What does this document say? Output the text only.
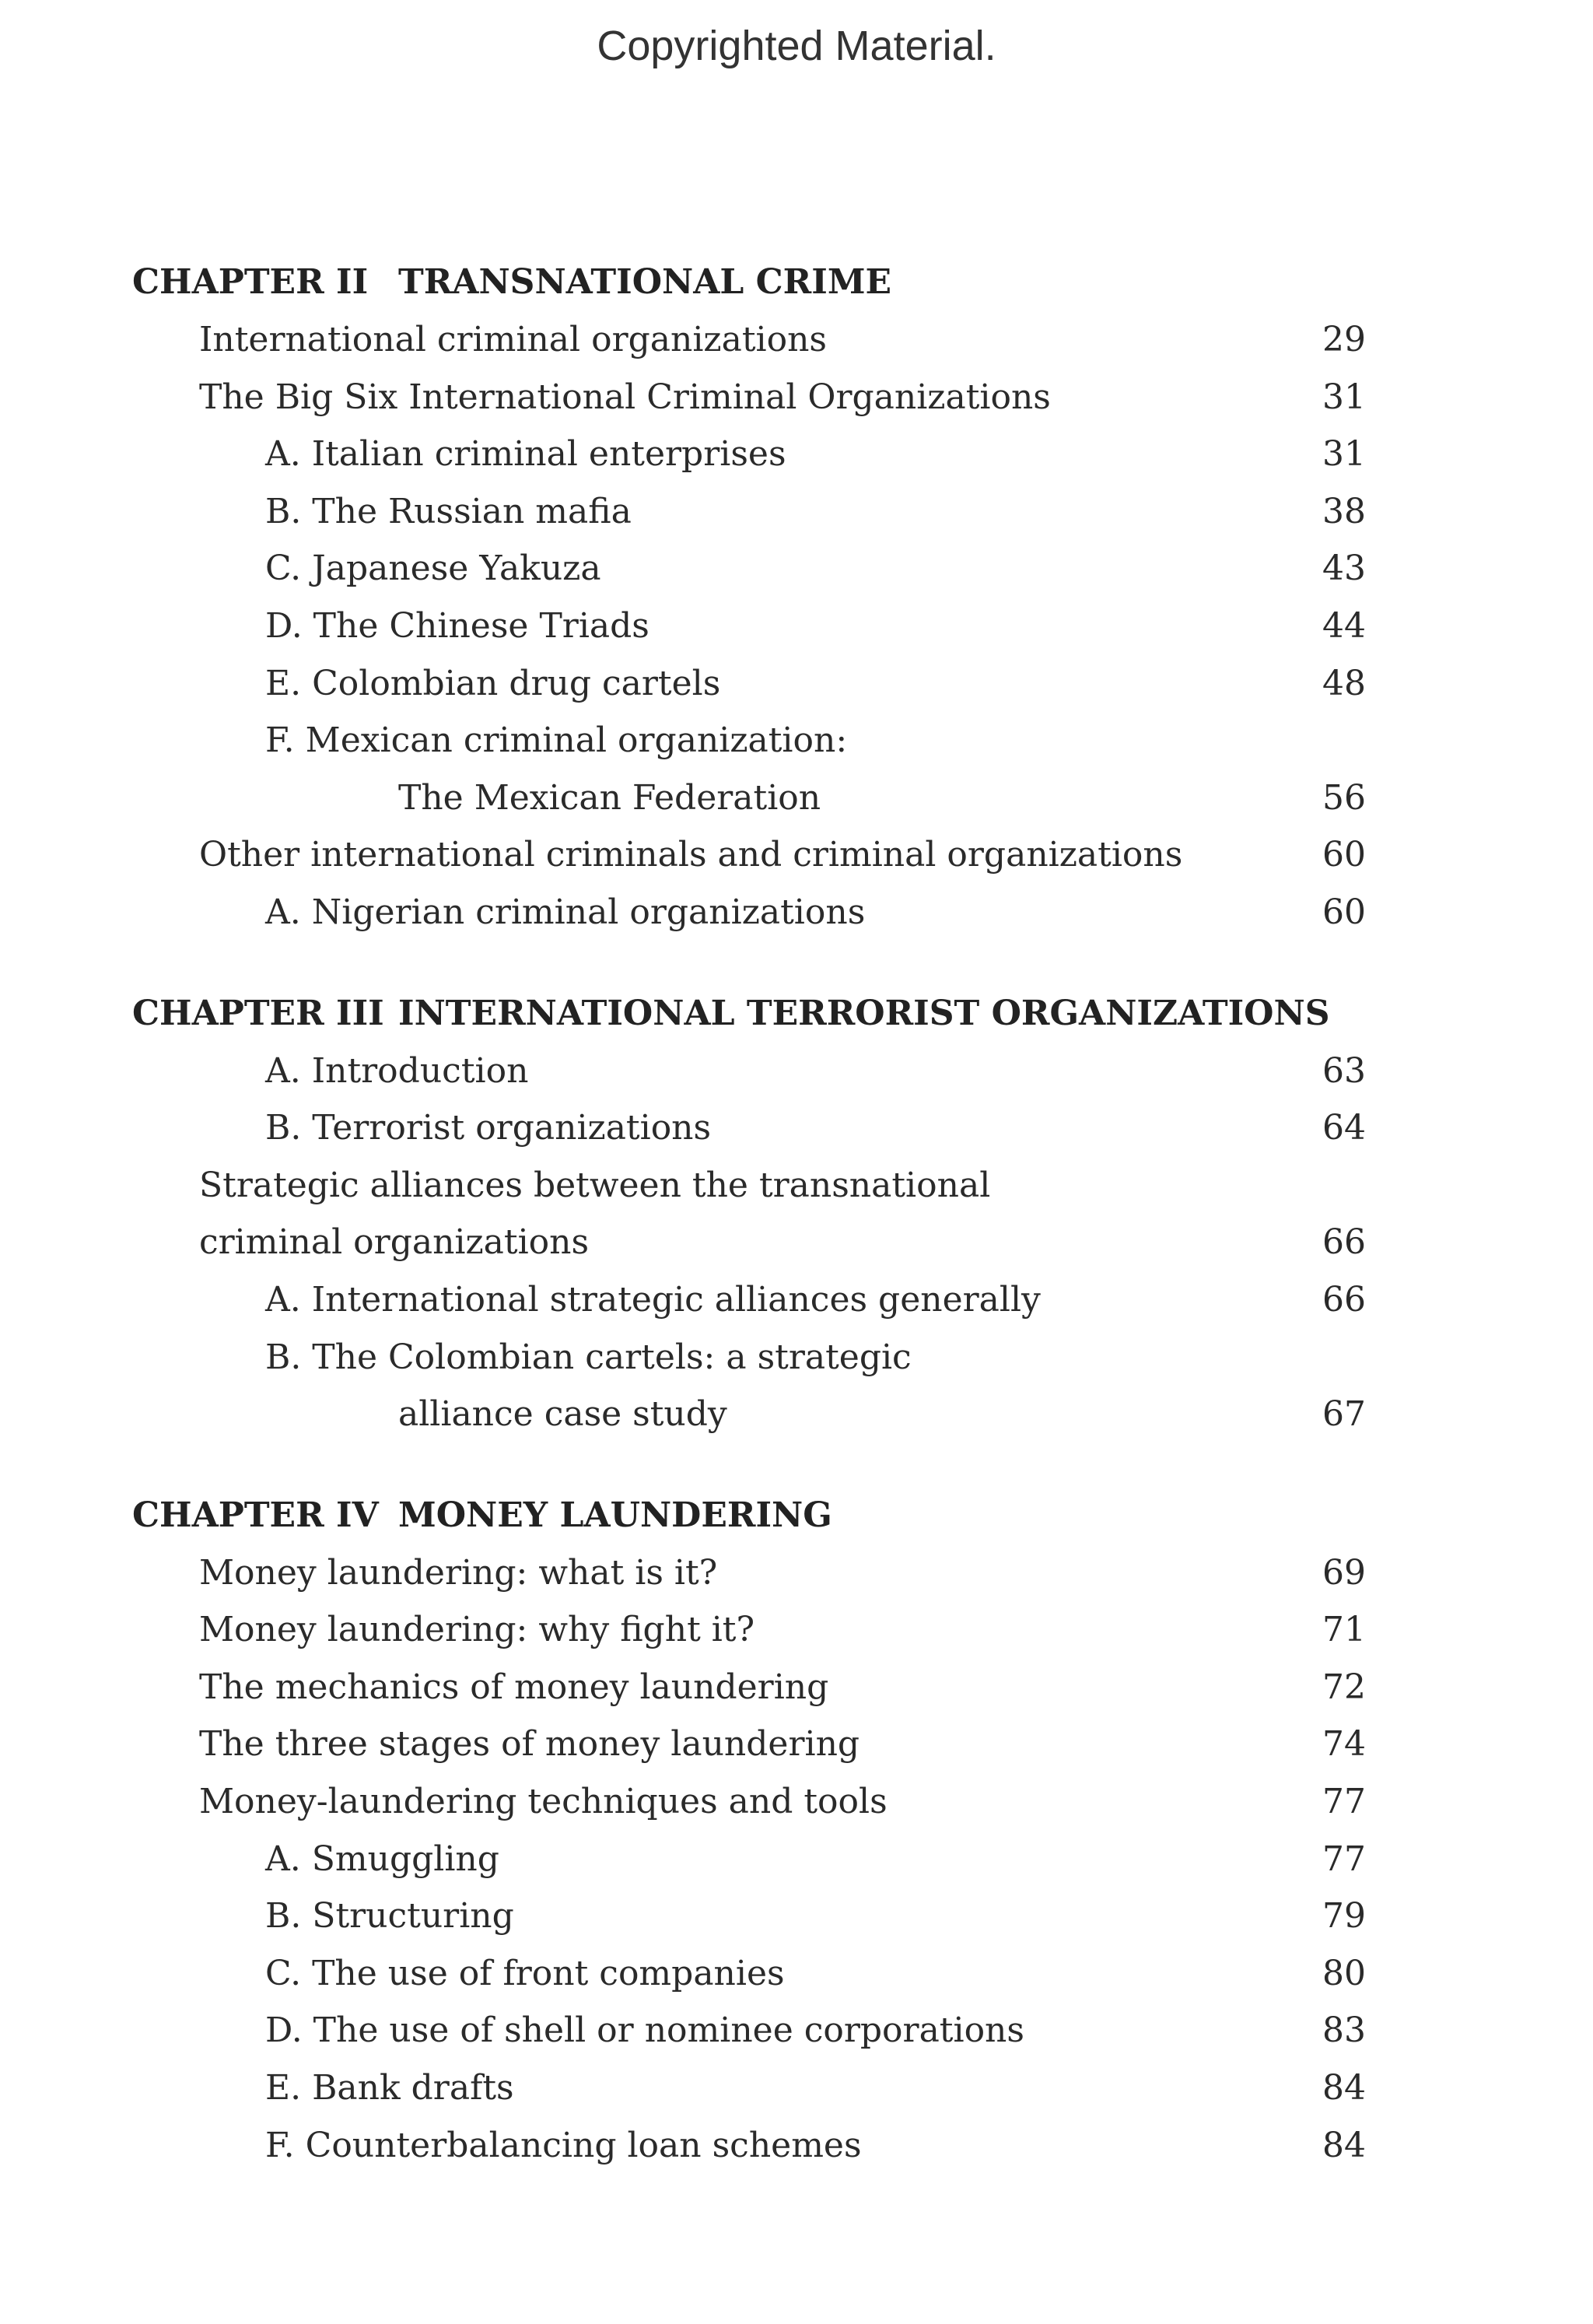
Copyrighted Material.
CHAPTER II TRANSNATIONAL CRIME
International criminal organizations	29
The Big Six International Criminal Organizations	31
A. Italian criminal enterprises	31
B. The Russian mafia	38
C. Japanese Yakuza	43
D. The Chinese Triads	44
E. Colombian drug cartels	48
F. Mexican criminal organization:
The Mexican Federation	56
Other international criminals and criminal organizations	60
A. Nigerian criminal organizations	60
CHAPTER III INTERNATIONAL TERRORIST ORGANIZATIONS
A. Introduction	63
B. Terrorist organizations	64
Strategic alliances between the transnational
criminal organizations	66
A. International strategic alliances generally	66
B. The Colombian cartels: a strategic
alliance case study	67
CHAPTER IV MONEY LAUNDERING
Money laundering: what is it?	69
Money laundering: why fight it?	71
The mechanics of money laundering	72
The three stages of money laundering	74
Money-laundering techniques and tools	77
A. Smuggling	77
B. Structuring	79
C. The use of front companies	80
D. The use of shell or nominee corporations	83
E. Bank drafts	84
F. Counterbalancing loan schemes	84
